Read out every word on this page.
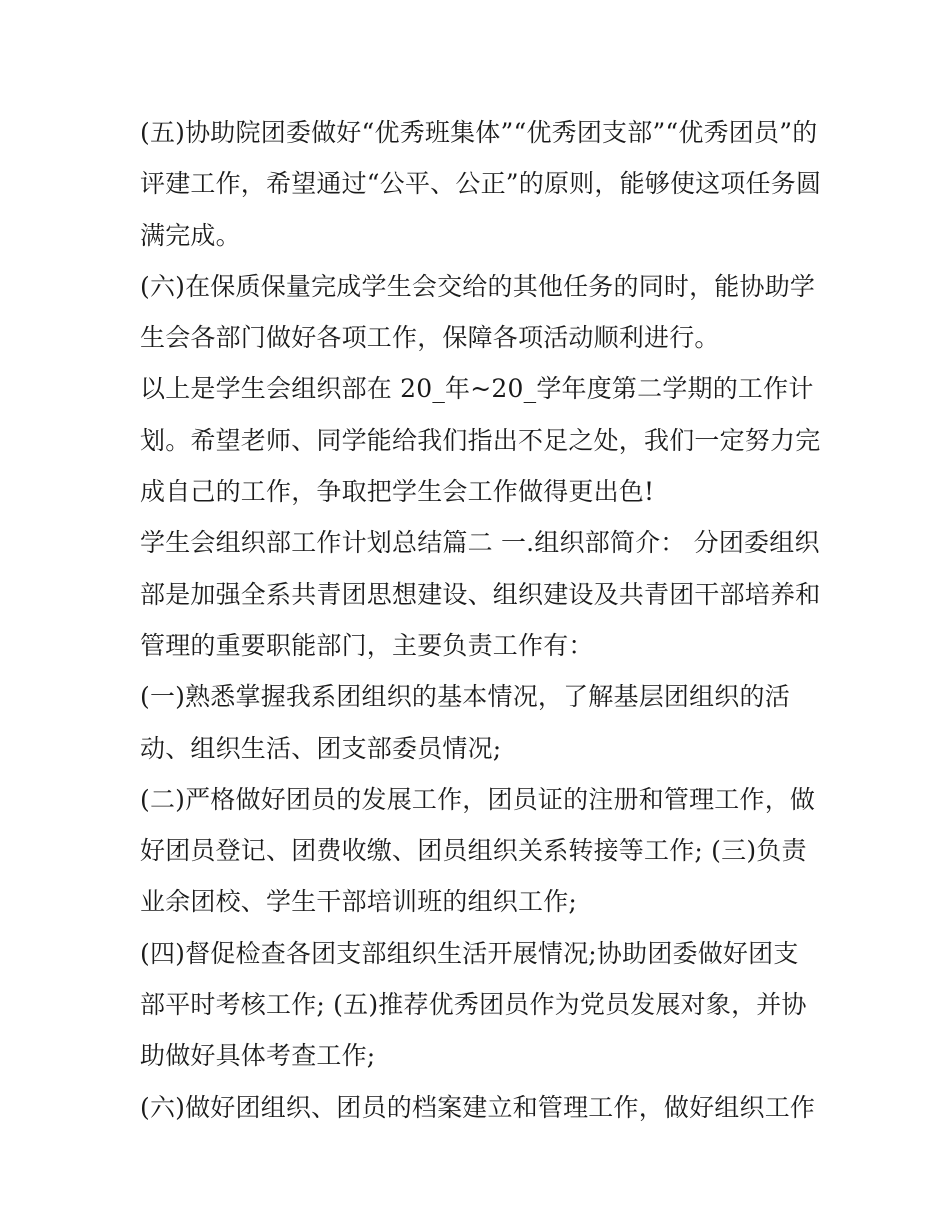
(五)协助院团委做好“优秀班集体”“优秀团支部”“优秀团员”的
评建工作，希望通过“公平、公正”的原则，能够使这项任务圆
满完成。
(六)在保质保量完成学生会交给的其他任务的同时，能协助学
生会各部门做好各项工作，保障各项活动顺利进行。
以上是学生会组织部在 20_年~20_学年度第二学期的工作计
划。希望老师、同学能给我们指出不足之处，我们一定努力完
成自己的工作，争取把学生会工作做得更出色!
学生会组织部工作计划总结篇二 一.组织部简介： 分团委组织
部是加强全系共青团思想建设、组织建设及共青团干部培养和
管理的重要职能部门，主要负责工作有：
(一)熟悉掌握我系团组织的基本情况，了解基层团组织的活
动、组织生活、团支部委员情况;
(二)严格做好团员的发展工作，团员证的注册和管理工作，做
好团员登记、团费收缴、团员组织关系转接等工作; (三)负责
业余团校、学生干部培训班的组织工作;
(四)督促检查各团支部组织生活开展情况;协助团委做好团支
部平时考核工作; (五)推荐优秀团员作为党员发展对象，并协
助做好具体考查工作;
(六)做好团组织、团员的档案建立和管理工作，做好组织工作
